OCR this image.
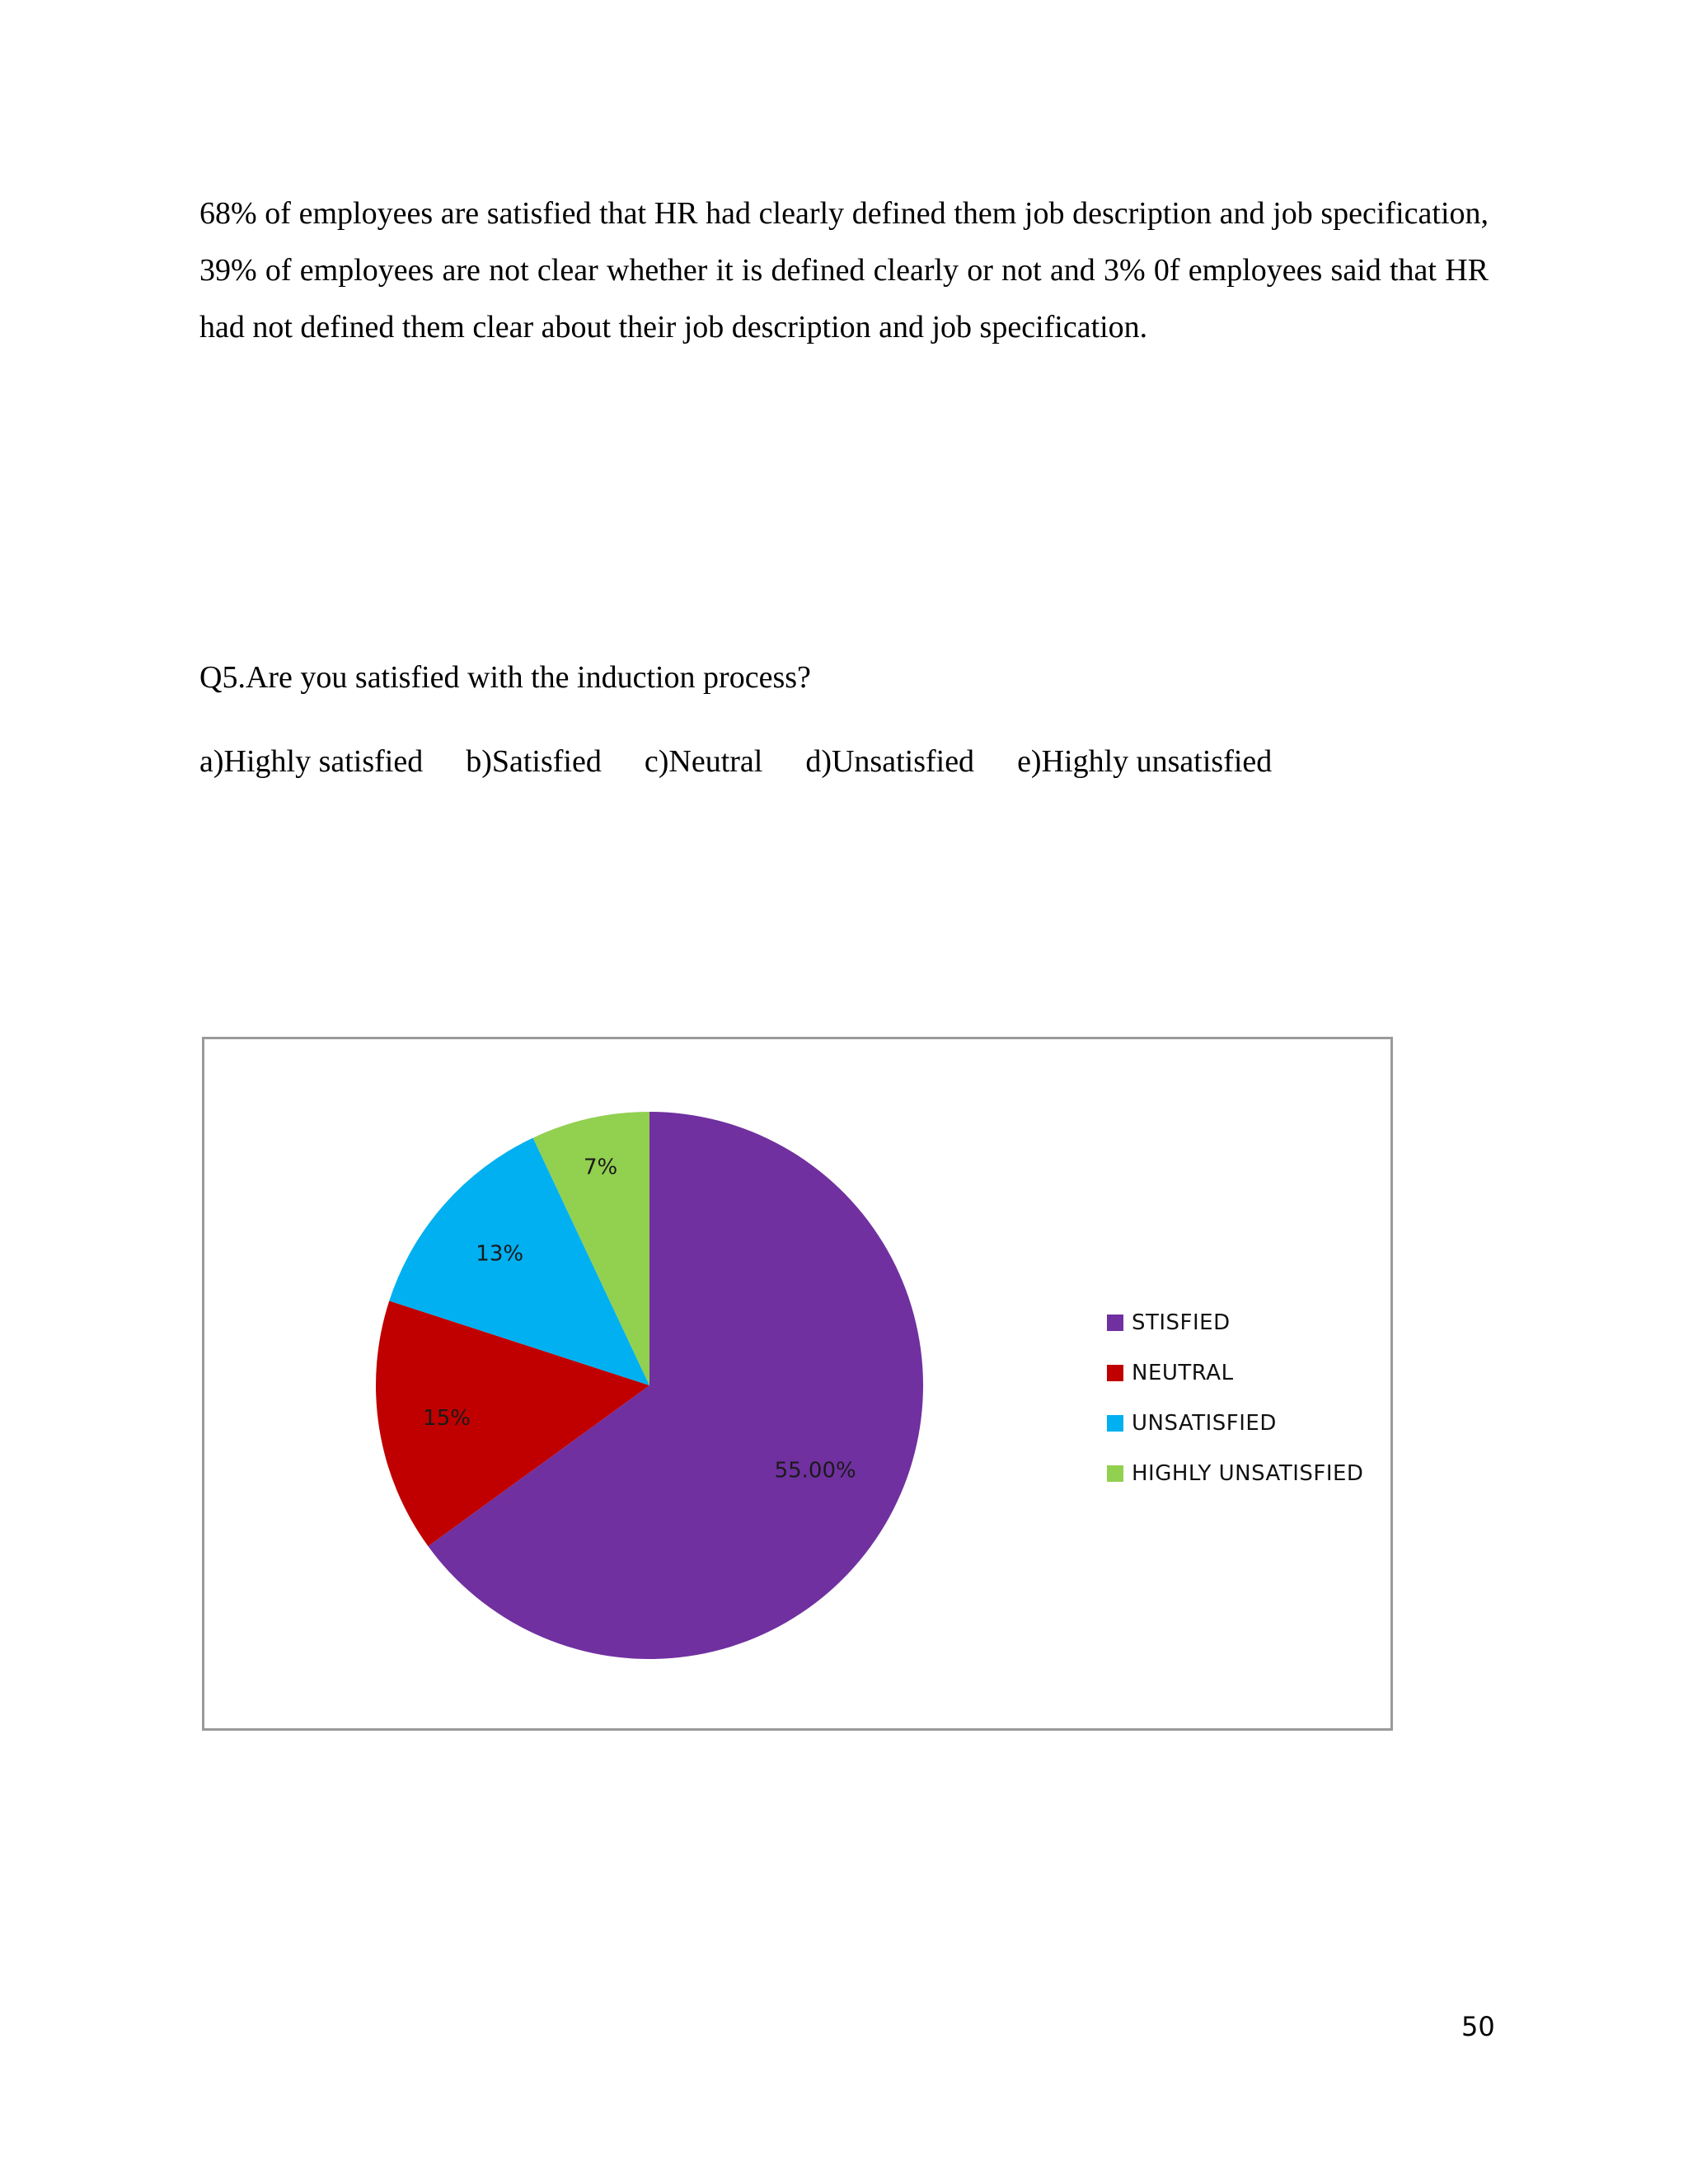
68% of employees are satisfied that HR had clearly defined them job description and job specification, 39% of employees are not clear whether it is defined clearly or not and 3% 0f employees said that HR had not defined them clear about their job description and job specification.

Q5.Are you satisfied with the induction process?

a)Highly satisfied b)Satisfied c)Neutral d)Unsatisfied e)Highly unsatisfied
55.00%
15%
13%
7%
STISFIED
NEUTRAL
UNSATISFIED
HIGHLY UNSATISFIED
50
